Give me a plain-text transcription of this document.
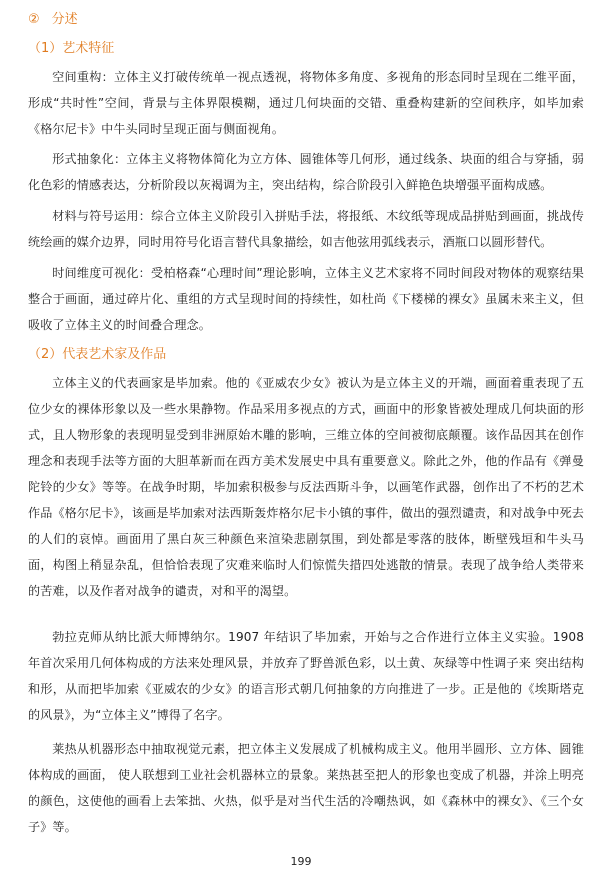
② 分述
（1）艺术特征

空间重构：立体主义打破传统单一视点透视，将物体多角度、多视角的形态同时呈现在二维平面，形成“共时性”空间，背景与主体界限模糊，通过几何块面的交错、重叠构建新的空间秩序，如毕加索《格尔尼卡》中牛头同时呈现正面与侧面视角。

形式抽象化：立体主义将物体简化为立方体、圆锥体等几何形，通过线条、块面的组合与穿插，弱化色彩的情感表达，分析阶段以灰褐调为主，突出结构，综合阶段引入鲜艳色块增强平面构成感。

材料与符号运用：综合立体主义阶段引入拼贴手法，将报纸、木纹纸等现成品拼贴到画面，挑战传统绘画的媒介边界，同时用符号化语言替代具象描绘，如吉他弦用弧线表示，酒瓶口以圆形替代。

时间维度可视化：受柏格森“心理时间”理论影响，立体主义艺术家将不同时间段对物体的观察结果整合于画面，通过碎片化、重组的方式呈现时间的持续性，如杜尚《下楼梯的裸女》虽属未来主义，但吸收了立体主义的时间叠合理念。

（2）代表艺术家及作品

立体主义的代表画家是毕加索。他的《亚威农少女》被认为是立体主义的开端，画面着重表现了五位少女的裸体形象以及一些水果静物。作品采用多视点的方式，画面中的形象皆被处理成几何块面的形式，且人物形象的表现明显受到非洲原始木雕的影响，三维立体的空间被彻底颠覆。该作品因其在创作理念和表现手法等方面的大胆革新而在西方美术发展史中具有重要意义。除此之外，他的作品有《弹曼陀铃的少女》等等。在战争时期，毕加索积极参与反法西斯斗争，以画笔作武器，创作出了不朽的艺术作品《格尔尼卡》，该画是毕加索对法西斯轰炸格尔尼卡小镇的事件，做出的强烈谴责，和对战争中死去的人们的哀悼。画面用了黑白灰三种颜色来渲染悲剧氛围，到处都是零落的肢体，断壁残垣和牛头马面，构图上稍显杂乱，但恰恰表现了灾难来临时人们惊慌失措四处逃散的情景。表现了战争给人类带来的苦难，以及作者对战争的谴责，对和平的渴望。

勃拉克师从纳比派大师博纳尔。1907 年结识了毕加索，开始与之合作进行立体主义实验。1908 年首次采用几何体构成的方法来处理风景，并放弃了野兽派色彩，以土黄、灰绿等中性调子来 突出结构和形，从而把毕加索《亚威农的少女》的语言形式朝几何抽象的方向推进了一步。正是他的《埃斯塔克的风景》，为“立体主义”博得了名字。

莱热从机器形态中抽取视觉元素，把立体主义发展成了机械构成主义。他用半圆形、立方体、圆锥体构成的画面， 使人联想到工业社会机器林立的景象。莱热甚至把人的形象也变成了机器，并涂上明亮的颜色，这使他的画看上去笨拙、火热，似乎是对当代生活的冷嘲热讽，如《森林中的裸女》、《三个女子》等。

199
